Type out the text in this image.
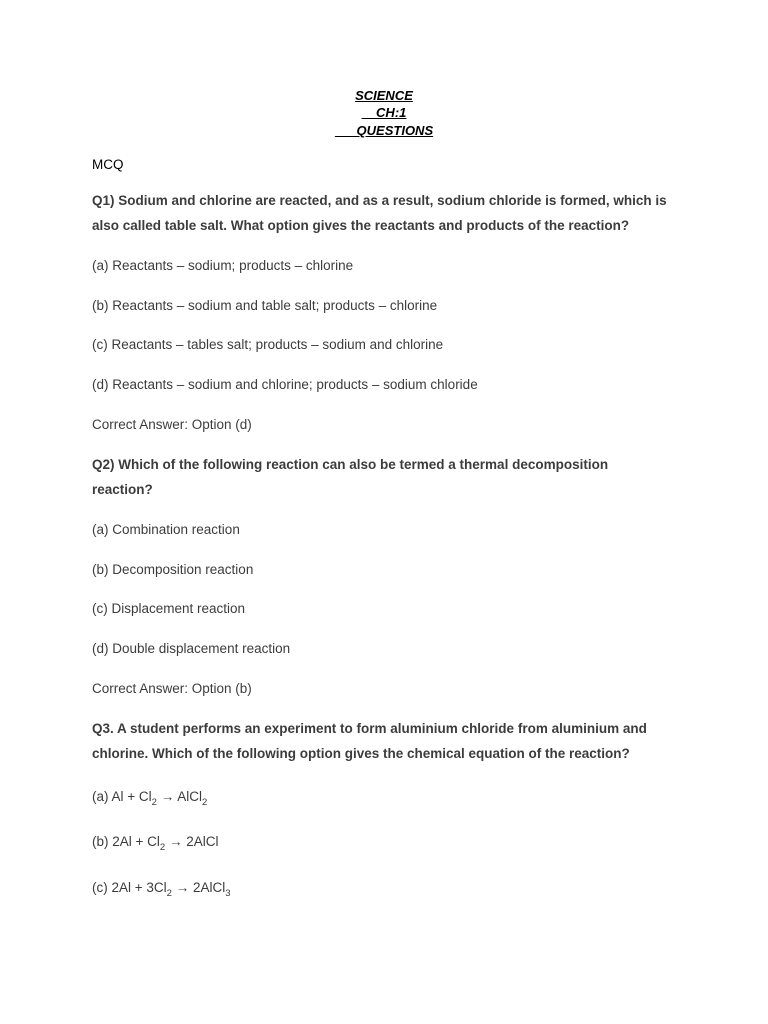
SCIENCE
CH:1
QUESTIONS
MCQ
Q1) Sodium and chlorine are reacted, and as a result, sodium chloride is formed, which is also called table salt. What option gives the reactants and products of the reaction?
(a) Reactants – sodium; products – chlorine
(b) Reactants – sodium and table salt; products – chlorine
(c) Reactants – tables salt; products – sodium and chlorine
(d) Reactants – sodium and chlorine; products – sodium chloride
Correct Answer: Option (d)
Q2) Which of the following reaction can also be termed a thermal decomposition reaction?
(a) Combination reaction
(b) Decomposition reaction
(c) Displacement reaction
(d) Double displacement reaction
Correct Answer: Option (b)
Q3. A student performs an experiment to form aluminium chloride from aluminium and chlorine. Which of the following option gives the chemical equation of the reaction?
(a) $Al + Cl_2$ → AlCl$_2$
(b) $2Al + Cl_2$ → 2AlCl
(c) $2Al + 3Cl_2$ → 2AlCl$_3$
